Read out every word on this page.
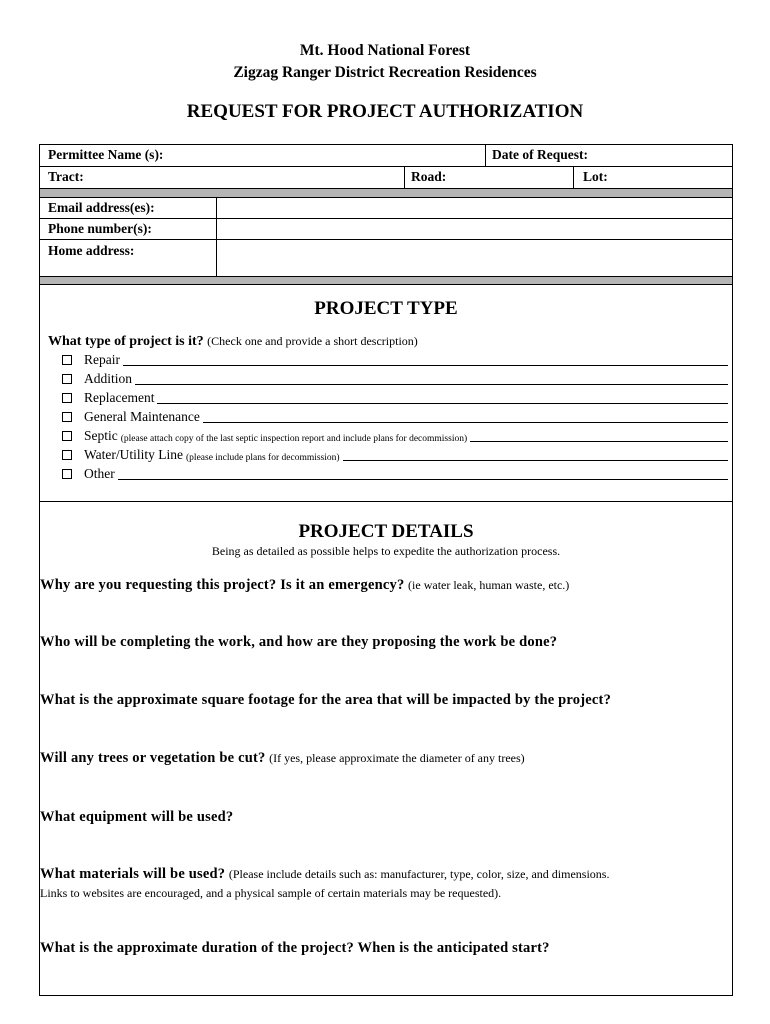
Mt. Hood National Forest
Zigzag Ranger District Recreation Residences
REQUEST FOR PROJECT AUTHORIZATION
Permittee Name (s):	Date of Request:
Tract:	Road:	Lot:
Email address(es):
Phone number(s):
Home address:
PROJECT TYPE
What type of project is it? (Check one and provide a short description)
Repair
Addition
Replacement
General Maintenance
Septic (please attach copy of the last septic inspection report and include plans for decommission)
Water/Utility Line (please include plans for decommission)
Other
PROJECT DETAILS
Being as detailed as possible helps to expedite the authorization process.
Why are you requesting this project? Is it an emergency? (ie water leak, human waste, etc.)
Who will be completing the work, and how are they proposing the work be done?
What is the approximate square footage for the area that will be impacted by the project?
Will any trees or vegetation be cut? (If yes, please approximate the diameter of any trees)
What equipment will be used?
What materials will be used? (Please include details such as: manufacturer, type, color, size, and dimensions.
Links to websites are encouraged, and a physical sample of certain materials may be requested).
What is the approximate duration of the project? When is the anticipated start?
